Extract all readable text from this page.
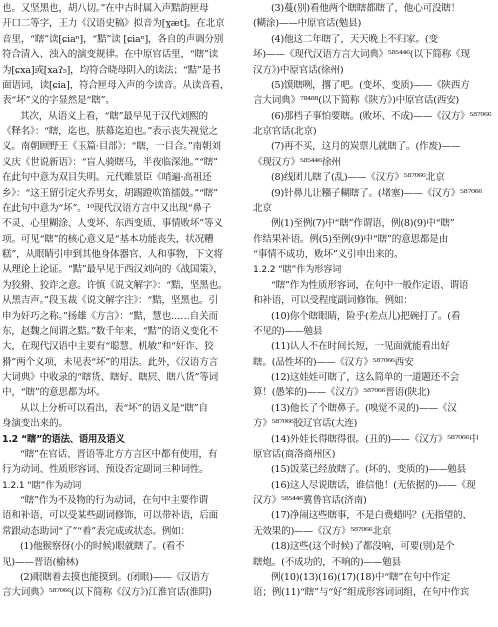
也。又坚黑也，胡八切。”在中古时属入声黠韵匣母
开口二等字，王力《汉语史稿》拟音为[ɣæt]。在北京
音里，“瞎”读[ɕiaⁿ]，“黠”读 [ɕiaⁿ]，各自的声调分别
符合清入、浊入的演变规律。在中原官话里，“瞎”读
为[ɕxa]或[xaʔ₅]，均符合晓母阴入的读法；“黠”是书
面语词，读[ɕia]，符合匣母入声的今读音。从读音看，
表“坏”义的字显然是“瞎”。
其次，从语义上看，“瞎”最早见于汉代刘熙的
《释名》：“瞎，迄也，肤幕迄迫也。”表示丧失视觉之
义。南朝顾野王《玉篇·目部》：“瞎，一目合。”南朝刘
义庆《世说新语》：“盲人骑瞎马，半夜临深池。”“瞎”
在此句中意为双目失明。元代睢景臣《哨遍·高祖还
乡》：“这王留引定火乔男女，胡踢蹬吹笛擂鼓。”“瞎”
在此句中意为“坏”。¹⁰现代汉语方言中又出现“鼻子
不灵、心里糊涂、人变坏、东西变质、事情败坏”等义
项。可见“瞎”的核心意义是“基本功能丧失，状况糟
糕”，从眼睛引申到其他身体器官、人和事物，下文将
从理论上论证。“黠”最早见于西汉刘向的《战国策》，
为狡猾、狡诈之意。许慎《说文解字》：“黠，坚黑也。
从黑吉声。”段玉裁《说文解字注》：“黠，坚黑也。引
申为奸巧之称。”扬雄《方言》：“黠，慧也……自关而
东，赵魏之间谓之黠。”数千年来，“黠”的语义变化不
大，在现代汉语中主要有“聪慧、机敏”和“奸诈、狡
猾”两个义项，未见表“坏”的用法。此外，《汉语方言
大词典》中收录的“瞎货、瞎好、瞎屄、瞎八货”等词
中，“瞎”的意思都为坏。
从以上分析可以看出，表“坏”的语义是“瞎”自
身演变出来的。
1.2 “瞎”的语法、语用及语义
“瞎”在官话、晋语等北方方言区中都有使用，有
行为动词、性质形容词、预设否定副词三种词性。
1.2.1 “瞎”作为动词
“瞎”作为不及物的行为动词，在句中主要作谓
语和补语，可以受某些副词修饰，可以带补语，后面
常跟动态助词“了”“着”表完成或状态。例如：
(1)他猴察伢(小的时候)眼就瞎了。(看不
见)——晋语(榆林)
(2)眼瞎着去摸也能摸到。(闭眼)——《汉语方
言大词典》⁵⁸⁷⁰⁶⁶(以下简称《汉方》)江淮官话(淮阴)
(3)蔓(别)看他两个瞎瞎都瞎了，他心可没瞎！
(糊涂)——中原官话(勉县)
(4)他这二年瞎了，天天晚上不归家。(变
坏)——《现代汉语方言大词典》⁵⁸⁵⁴⁴⁶(以下简称《现
汉方》)中原官话(徐州)
(5)馍瞎咧，撂了吧。(变坏、变质)——《陕西方
言大词典》⁷⁸⁴⁸⁸(以下简称《陕方》)中原官话(西安)
(6)那档子事怕要瞎。(败坏、不成)——《汉方》⁵⁸⁷⁰⁶⁶
北京官话(北京)
(7)再不买，这月的炭票儿就瞎了。(作废)——
《现汉方》⁵⁸⁵⁴⁴⁶徐州
(8)线团儿瞎了(乱)——《汉方》⁵⁸⁷⁰⁶⁶北京
(9)针鼻儿让糨子糊瞎了。(堵塞)——《汉方》⁵⁸⁷⁰⁶⁶
北京
例(1)至例(7)中“瞎”作谓语，例(8)(9)中“瞎”
作结果补语。例(5)至例(9)中“瞎”的意思都是由
“事情不成功，败坏”义引申出来的。
1.2.2 “瞎”作为形容词
“瞎”作为性质形容词，在句中一般作定语、谓语
和补语，可以受程度副词修饰。例如：
(10)你个瞎眼睛，险乎(差点儿)把碗打了。(看
不见的)——勉县
(11)认人不在时间长短，一见面就能看出好
瞎。(品性坏的)——《汉方》⁵⁸⁷⁰⁶⁶西安
(12)这娃娃可瞎了，这么简单的一道题还不会
算！(愚笨的)——《汉方》⁵⁸⁷⁰⁶⁶晋语(陕北)
(13)他长了个瞎鼻子。(嗅觉不灵的)——《汉
方》⁵⁸⁷⁰⁶⁶胶辽官话(大连)
(14)外娃长得瞎得很。(丑的)——《汉方》⁵⁸⁷⁰⁶⁶中
原官话(商洛商州区)
(15)饭菜已经放瞎了。(坏的、变质的)——勉县
(16)这人尽说瞎话，谁信他！(无依据的)——《现
汉方》⁵⁸⁵⁴⁴⁶冀鲁官话(济南)
(17)净闹这些瞎事，不是白费蜡吗？(无指望的、
无效果的)——《汉方》⁵⁸⁷⁰⁶⁶北京
(18)这些(这个时候)了都没响，可要(别)是个
瞎炮。(不成功的，不响的)——勉县
例(10)(13)(16)(17)(18)中“瞎”在句中作定
语；例(11)“瞎”与“好”组成形容词词组，在句中作宾
